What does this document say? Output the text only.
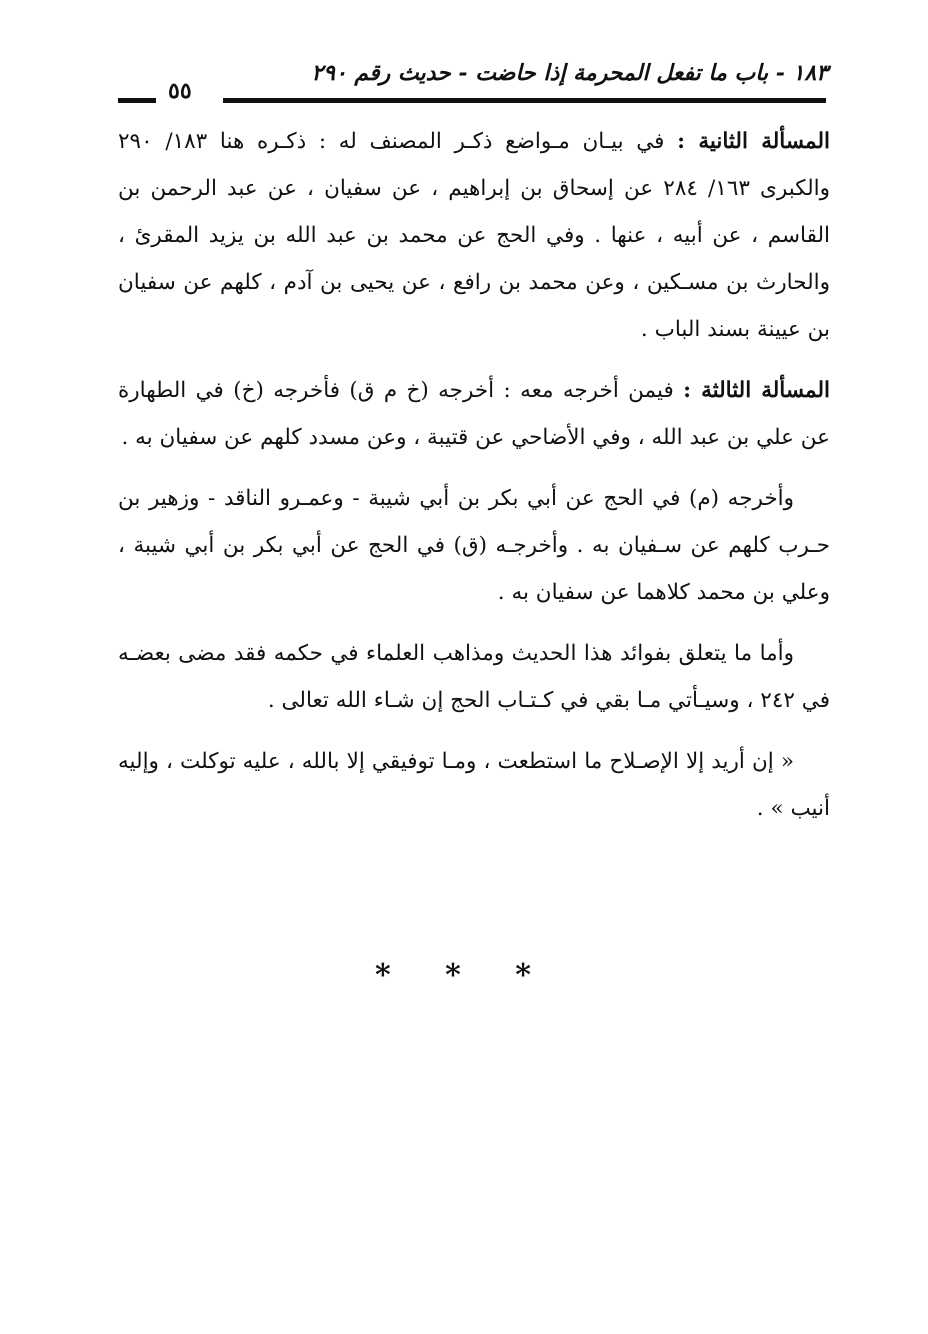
١٨٣ - باب ما تفعل المحرمة إذا حاضت - حديث رقم ٢٩٠
٥٥

المسألة الثانية : في بيـان مـواضع ذكـر المصنف له : ذكـره هنا ١٨٣/ ٢٩٠ والكبرى ١٦٣/ ٢٨٤ عن إسحاق بن إبراهيم ، عن سفيان ، عن عبد الرحمن بن القاسم ، عن أبيه ، عنها . وفي الحج عن محمد بن عبد الله بن يزيد المقرئ ، والحارث بن مسـكين ، وعن محمد بن رافع ، عن يحيى بن آدم ، كلهم عن سفيان بن عيينة بسند الباب .

المسألة الثالثة : فيمن أخرجه معه : أخرجه (خ م ق) فأخرجه (خ) في الطهارة عن علي بن عبد الله ، وفي الأضاحي عن قتيبة ، وعن مسدد كلهم عن سفيان به .

وأخرجه (م) في الحج عن أبي بكر بن أبي شيبة - وعمـرو الناقد - وزهير بن حـرب كلهم عن سـفيان به . وأخرجـه (ق) في الحج عن أبي بكر بن أبي شيبة ، وعلي بن محمد كلاهما عن سفيان به .

وأما ما يتعلق بفوائد هذا الحديث ومذاهب العلماء في حكمه فقد مضى بعضـه في ٢٤٢ ، وسيـأتي مـا بقي في كـتـاب الحج إن شـاء الله تعالى .

« إن أريد إلا الإصـلاح ما استطعت ، ومـا توفيقي إلا بالله ، عليه توكلت ، وإليه أنيب » .

* * *
